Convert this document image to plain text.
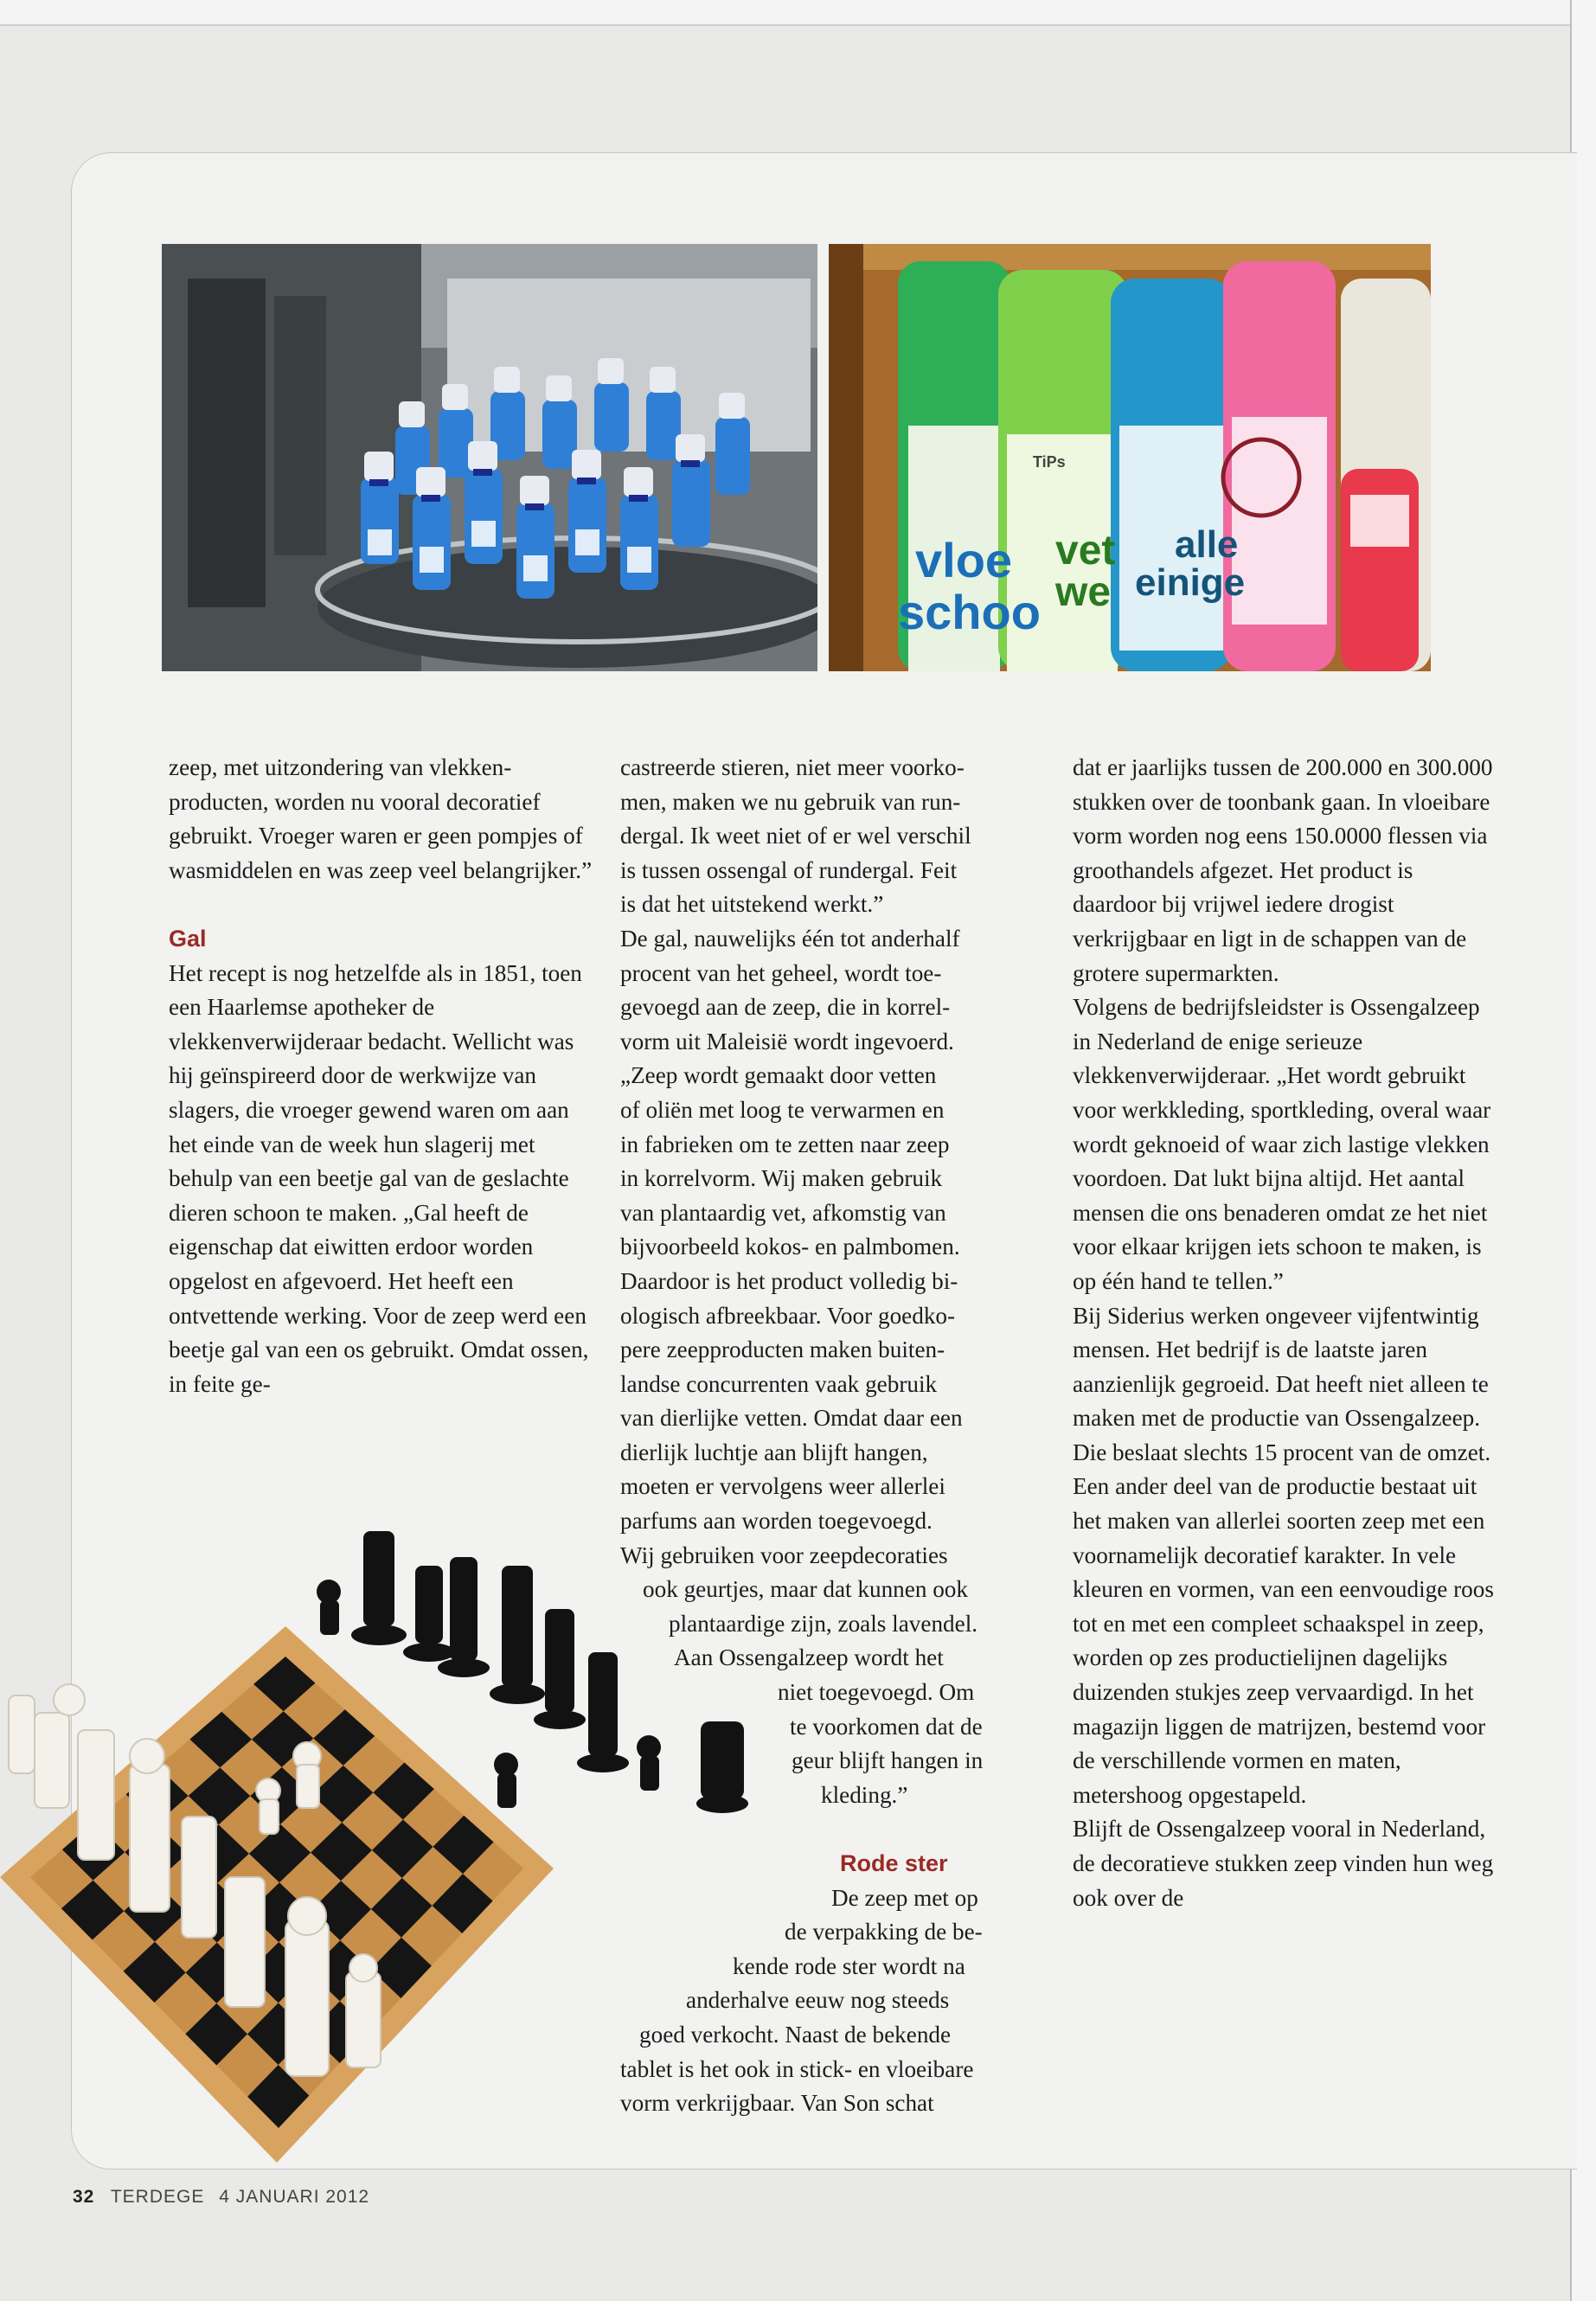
vloe
schoo
vet
we
alle
einige
TiPs

zeep, met uitzondering van vlekken-producten, worden nu vooral decoratief gebruikt. Vroeger waren er geen pompjes of wasmiddelen en was zeep veel belangrijker.”

Gal

Het recept is nog hetzelfde als in 1851, toen een Haarlemse apotheker de vlekkenverwijderaar bedacht. Wellicht was hij geïnspireerd door de werkwijze van slagers, die vroeger gewend waren om aan het einde van de week hun slagerij met behulp van een beetje gal van de geslachte dieren schoon te maken. „Gal heeft de eigenschap dat eiwitten erdoor worden opgelost en afgevoerd. Het heeft een ontvettende werking. Voor de zeep werd een beetje gal van een os gebruikt. Omdat ossen, in feite ge-

castreerde stieren, niet meer voorko-
men, maken we nu gebruik van run-
dergal. Ik weet niet of er wel verschil
is tussen ossengal of rundergal. Feit
is dat het uitstekend werkt.”
De gal, nauwelijks één tot anderhalf
procent van het geheel, wordt toe-
gevoegd aan de zeep, die in korrel-
vorm uit Maleisië wordt ingevoerd.
„Zeep wordt gemaakt door vetten
of oliën met loog te verwarmen en
in fabrieken om te zetten naar zeep
in korrelvorm. Wij maken gebruik
van plantaardig vet, afkomstig van
bijvoorbeeld kokos- en palmbomen.
Daardoor is het product volledig bi-
ologisch afbreekbaar. Voor goedko-
pere zeepproducten maken buiten-
landse concurrenten vaak gebruik
van dierlijke vetten. Omdat daar een
dierlijk luchtje aan blijft hangen,
moeten er vervolgens weer allerlei
parfums aan worden toegevoegd.
Wij gebruiken voor zeepdecoraties
ook geurtjes, maar dat kunnen ook
plantaardige zijn, zoals lavendel.
Aan Ossengalzeep wordt het
niet toegevoegd. Om
te voorkomen dat de
geur blijft hangen in
kleding.”

Rode ster

De zeep met op
de verpakking de be-
kende rode ster wordt na
anderhalve eeuw nog steeds
goed verkocht. Naast de bekende
tablet is het ook in stick- en vloeibare
vorm verkrijgbaar. Van Son schat

dat er jaarlijks tussen de 200.000 en 300.000 stukken over de toonbank gaan. In vloeibare vorm worden nog eens 150.0000 flessen via groothandels afgezet. Het product is daardoor bij vrijwel iedere drogist verkrijgbaar en ligt in de schappen van de grotere supermarkten.

Volgens de bedrijfsleidster is Ossengalzeep in Nederland de enige serieuze vlekkenverwijderaar. „Het wordt gebruikt voor werkkleding, sportkleding, overal waar wordt geknoeid of waar zich lastige vlekken voordoen. Dat lukt bijna altijd. Het aantal mensen die ons benaderen omdat ze het niet voor elkaar krijgen iets schoon te maken, is op één hand te tellen.”

Bij Siderius werken ongeveer vijfentwintig mensen. Het bedrijf is de laatste jaren aanzienlijk gegroeid. Dat heeft niet alleen te maken met de productie van Ossengalzeep. Die beslaat slechts 15 procent van de omzet. Een ander deel van de productie bestaat uit het maken van allerlei soorten zeep met een voornamelijk decoratief karakter. In vele kleuren en vormen, van een eenvoudige roos tot en met een compleet schaakspel in zeep, worden op zes productielijnen dagelijks duizenden stukjes zeep vervaardigd. In het magazijn liggen de matrijzen, bestemd voor de verschillende vormen en maten, metershoog opgestapeld.

Blijft de Ossengalzeep vooral in Nederland, de decoratieve stukken zeep vinden hun weg ook over de

32 TERDEGE 4 JANUARI 2012
